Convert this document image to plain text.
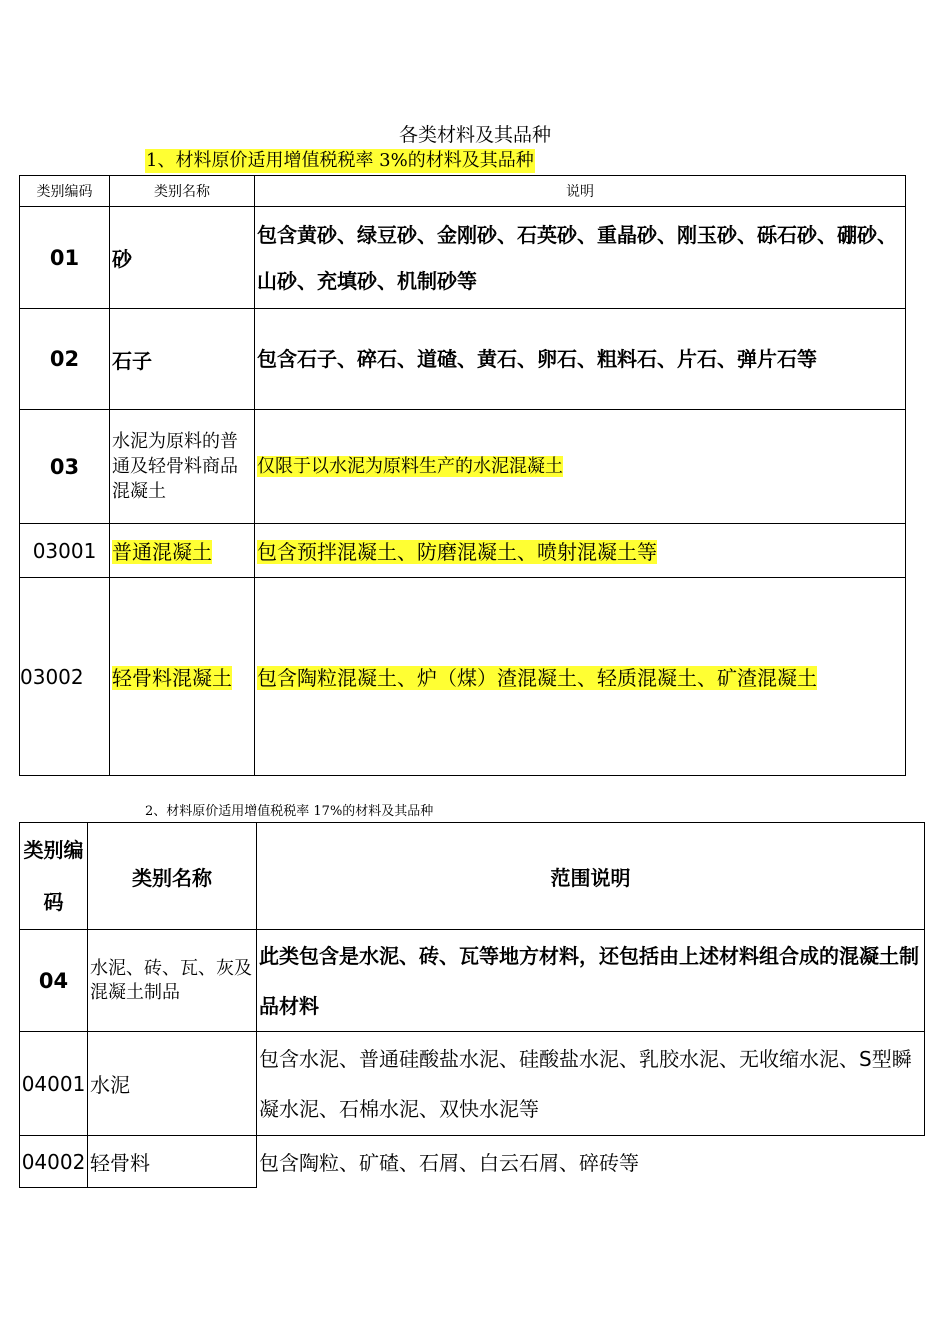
各类材料及其品种
1、材料原价适用增值税税率 3%的材料及其品种
类别编码	类别名称	说明
01	砂	包含黄砂、绿豆砂、金刚砂、石英砂、重晶砂、刚玉砂、砾石砂、硼砂、山砂、充填砂、机制砂等
02	石子	包含石子、碎石、道碴、黄石、卵石、粗料石、片石、弹片石等
03	水泥为原料的普通及轻骨料商品混凝土	仅限于以水泥为原料生产的水泥混凝土
03001	普通混凝土	包含预拌混凝土、防磨混凝土、喷射混凝土等
03002	轻骨料混凝土	包含陶粒混凝土、炉（煤）渣混凝土、轻质混凝土、矿渣混凝土
2、材料原价适用增值税税率 17%的材料及其品种
类别编码	类别名称	范围说明
04	水泥、砖、瓦、灰及混凝土制品	此类包含是水泥、砖、瓦等地方材料，还包括由上述材料组合成的混凝土制品材料
04001	水泥	包含水泥、普通硅酸盐水泥、硅酸盐水泥、乳胶水泥、无收缩水泥、S型瞬凝水泥、石棉水泥、双快水泥等
04002	轻骨料	包含陶粒、矿碴、石屑、白云石屑、碎砖等
